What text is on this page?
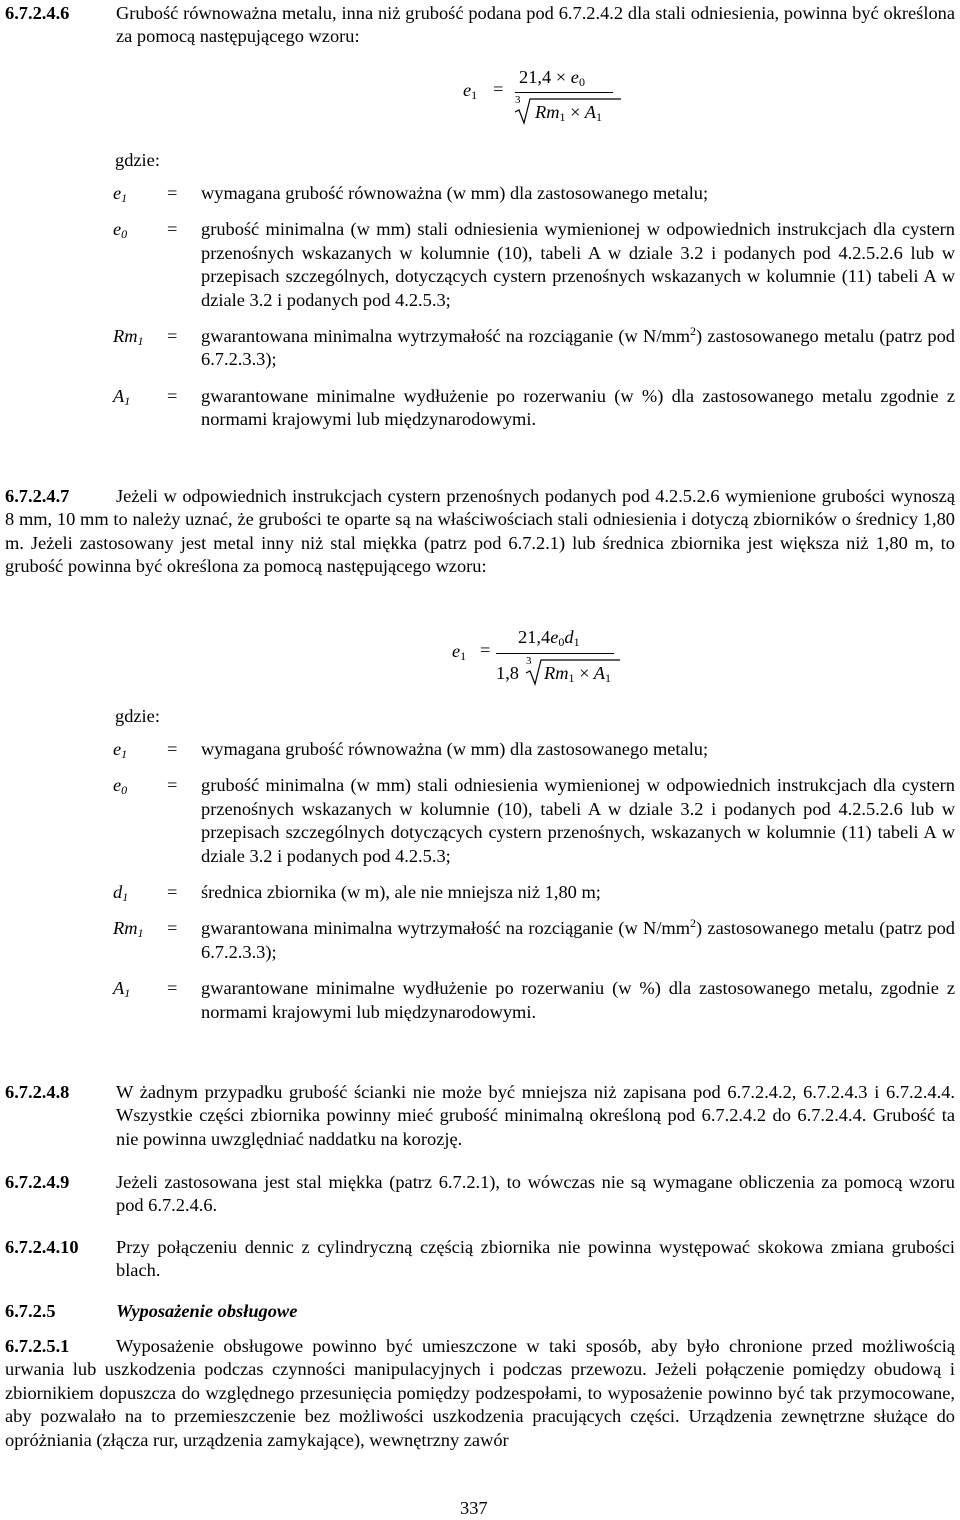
6.7.2.4.6	Grubość równoważna metalu, inna niż grubość podana pod 6.7.2.4.2 dla stali odniesienia, powinna być określona za pomocą następującego wzoru:
$e_1$ =
$21,4 \times e_0$
3
$Rm_1 \times A_1$
gdzie:
$e_1$ = wymagana grubość równoważna (w mm) dla zastosowanego metalu;
$e_0$ = grubość minimalna (w mm) stali odniesienia wymienionej w odpowiednich instrukcjach dla cystern przenośnych wskazanych w kolumnie (10), tabeli A w dziale 3.2 i podanych pod 4.2.5.2.6 lub w przepisach szczególnych, dotyczących cystern przenośnych wskazanych w kolumnie (11) tabeli A w dziale 3.2 i podanych pod 4.2.5.3;
$Rm_1$ = gwarantowana minimalna wytrzymałość na rozciąganie (w $N/mm^2$) zastosowanego metalu (patrz pod 6.7.2.3.3);
$A_1$ = gwarantowane minimalne wydłużenie po rozerwaniu (w %) dla zastosowanego metalu zgodnie z normami krajowymi lub międzynarodowymi.
6.7.2.4.7	Jeżeli w odpowiednich instrukcjach cystern przenośnych podanych pod 4.2.5.2.6 wymienione grubości wynoszą 8 mm, 10 mm to należy uznać, że grubości te oparte są na właściwościach stali odniesienia i dotyczą zbiorników o średnicy 1,80 m. Jeżeli zastosowany jest metal inny niż stal miękka (patrz pod 6.7.2.1) lub średnica zbiornika jest większa niż 1,80 m, to grubość powinna być określona za pomocą następującego wzoru:
$e_1$ =
$21,4e_0d_1$
1,8
3
$Rm_1 \times A_1$
gdzie:
$e_1$ = wymagana grubość równoważna (w mm) dla zastosowanego metalu;
$e_0$ = grubość minimalna (w mm) stali odniesienia wymienionej w odpowiednich instrukcjach dla cystern przenośnych wskazanych w kolumnie (10), tabeli A w dziale 3.2 i podanych pod 4.2.5.2.6 lub w przepisach szczególnych dotyczących cystern przenośnych, wskazanych w kolumnie (11) tabeli A w dziale 3.2 i podanych pod 4.2.5.3;
$d_1$ = średnica zbiornika (w m), ale nie mniejsza niż 1,80 m;
$Rm_1$ = gwarantowana minimalna wytrzymałość na rozciąganie (w $N/mm^2$) zastosowanego metalu (patrz pod 6.7.2.3.3);
$A_1$ = gwarantowane minimalne wydłużenie po rozerwaniu (w %) dla zastosowanego metalu, zgodnie z normami krajowymi lub międzynarodowymi.
6.7.2.4.8	W żadnym przypadku grubość ścianki nie może być mniejsza niż zapisana pod 6.7.2.4.2, 6.7.2.4.3 i 6.7.2.4.4. Wszystkie części zbiornika powinny mieć grubość minimalną określoną pod 6.7.2.4.2 do 6.7.2.4.4. Grubość ta nie powinna uwzględniać naddatku na korozję.
6.7.2.4.9	Jeżeli zastosowana jest stal miękka (patrz 6.7.2.1), to wówczas nie są wymagane obliczenia za pomocą wzoru pod 6.7.2.4.6.
6.7.2.4.10 Przy połączeniu dennic z cylindryczną częścią zbiornika nie powinna występować skokowa zmiana grubości blach.
6.7.2.5	Wyposażenie obsługowe
6.7.2.5.1	Wyposażenie obsługowe powinno być umieszczone w taki sposób, aby było chronione przed możliwością urwania lub uszkodzenia podczas czynności manipulacyjnych i podczas przewozu. Jeżeli połączenie pomiędzy obudową i zbiornikiem dopuszcza do względnego przesunięcia pomiędzy podzespołami, to wyposażenie powinno być tak przymocowane, aby pozwalało na to przemieszczenie bez możliwości uszkodzenia pracujących części. Urządzenia zewnętrzne służące do opróżniania (złącza rur, urządzenia zamykające), wewnętrzny zawór
337
